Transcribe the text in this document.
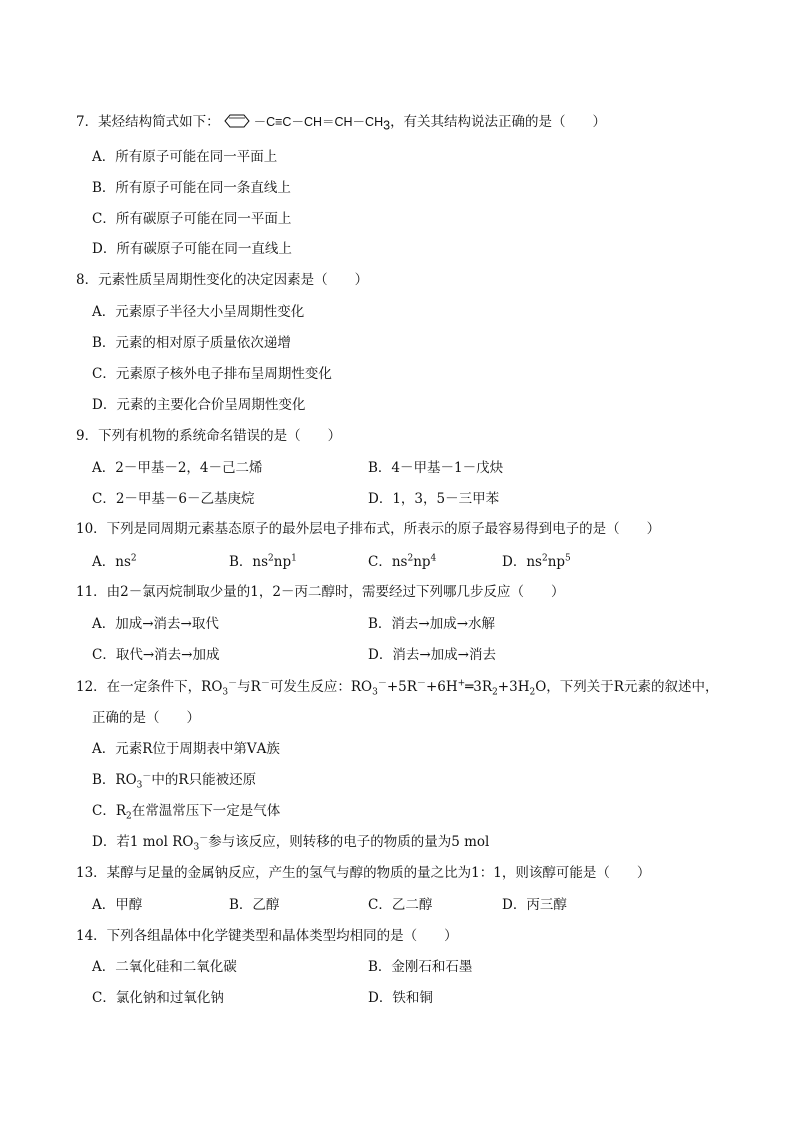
7．某烃结构简式如下：	$-C\equiv C-CH=CH-CH_3$，有关其结构说法正确的是（　　）
A．所有原子可能在同一平面上
B．所有原子可能在同一条直线上
C．所有碳原子可能在同一平面上
D．所有碳原子可能在同一直线上
8．元素性质呈周期性变化的决定因素是（　　）
A．元素原子半径大小呈周期性变化
B．元素的相对原子质量依次递增
C．元素原子核外电子排布呈周期性变化
D．元素的主要化合价呈周期性变化
9．下列有机物的系统命名错误的是（　　）
A．2－甲基－2，4－己二烯	B．4－甲基－1－戊炔
C．2－甲基－6－乙基庚烷	D．1，3，5－三甲苯
10．下列是同周期元素基态原子的最外层电子排布式，所表示的原子最容易得到电子的是（　　）
A．$ns^2$	B．$ns^2np^1$	C．$ns^2np^4$	D．$ns^2np^5$
11．由2－氯丙烷制取少量的1，2－丙二醇时，需要经过下列哪几步反应（　　）
A．加成→消去→取代	B．消去→加成→水解
C．取代→消去→加成	D．消去→加成→消去
12．在一定条件下，$RO_3^-$与R－可发生反应：$RO_3^-+5R^-+6H^+═3R_2+3H_2O$，下列关于R元素的叙述中，
正确的是（　　）
A．元素R位于周期表中第ⅤA族
B．$RO_3^-$中的R只能被还原
C．$R_2$在常温常压下一定是气体
D．若1 mol $RO_3^-$参与该反应，则转移的电子的物质的量为5 mol
13．某醇与足量的金属钠反应，产生的氢气与醇的物质的量之比为1：1，则该醇可能是（　　）
A．甲醇	B．乙醇	C．乙二醇	D．丙三醇
14．下列各组晶体中化学键类型和晶体类型均相同的是（　　）
A．二氧化硅和二氧化碳	B．金刚石和石墨
C．氯化钠和过氧化钠	D．铁和铜
